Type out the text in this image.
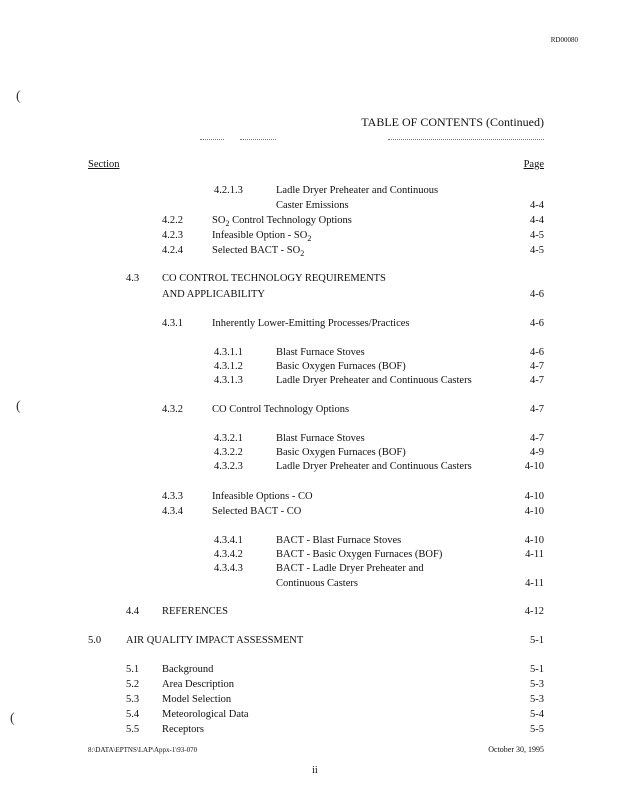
RD00080
(
(
(
TABLE OF CONTENTS (Continued)
Section	Page
4.2.1.3	Ladle Dryer Preheater and Continuous
Caster Emissions	4-4
4.2.2	$SO_2$ Control Technology Options	4-4
4.2.3	Infeasible Option - $SO_2$	4-5
4.2.4	Selected BACT - $SO_2$	4-5
4.3 CO CONTROL TECHNOLOGY REQUIREMENTS
AND APPLICABILITY	4-6
4.3.1	Inherently Lower-Emitting Processes/Practices	4-6
4.3.1.1	Blast Furnace Stoves	4-6
4.3.1.2	Basic Oxygen Furnaces (BOF)	4-7
4.3.1.3	Ladle Dryer Preheater and Continuous Casters	4-7
4.3.2	CO Control Technology Options	4-7
4.3.2.1	Blast Furnace Stoves	4-7
4.3.2.2	Basic Oxygen Furnaces (BOF)	4-9
4.3.2.3	Ladle Dryer Preheater and Continuous Casters	4-10
4.3.3	Infeasible Options - CO	4-10
4.3.4	Selected BACT - CO	4-10
4.3.4.1	BACT - Blast Furnace Stoves	4-10
4.3.4.2	BACT - Basic Oxygen Furnaces (BOF)	4-11
4.3.4.3	BACT - Ladle Dryer Preheater and
Continuous Casters	4-11
4.4 REFERENCES	4-12
5.0 AIR QUALITY IMPACT ASSESSMENT	5-1
5.1 Background	5-1
5.2 Area Description	5-3
5.3 Model Selection	5-3
5.4 Meteorological Data	5-4
5.5 Receptors	5-5
8:\DATA\EPTNS\LAP\Appx-1\93-070	October 30, 1995
ii
